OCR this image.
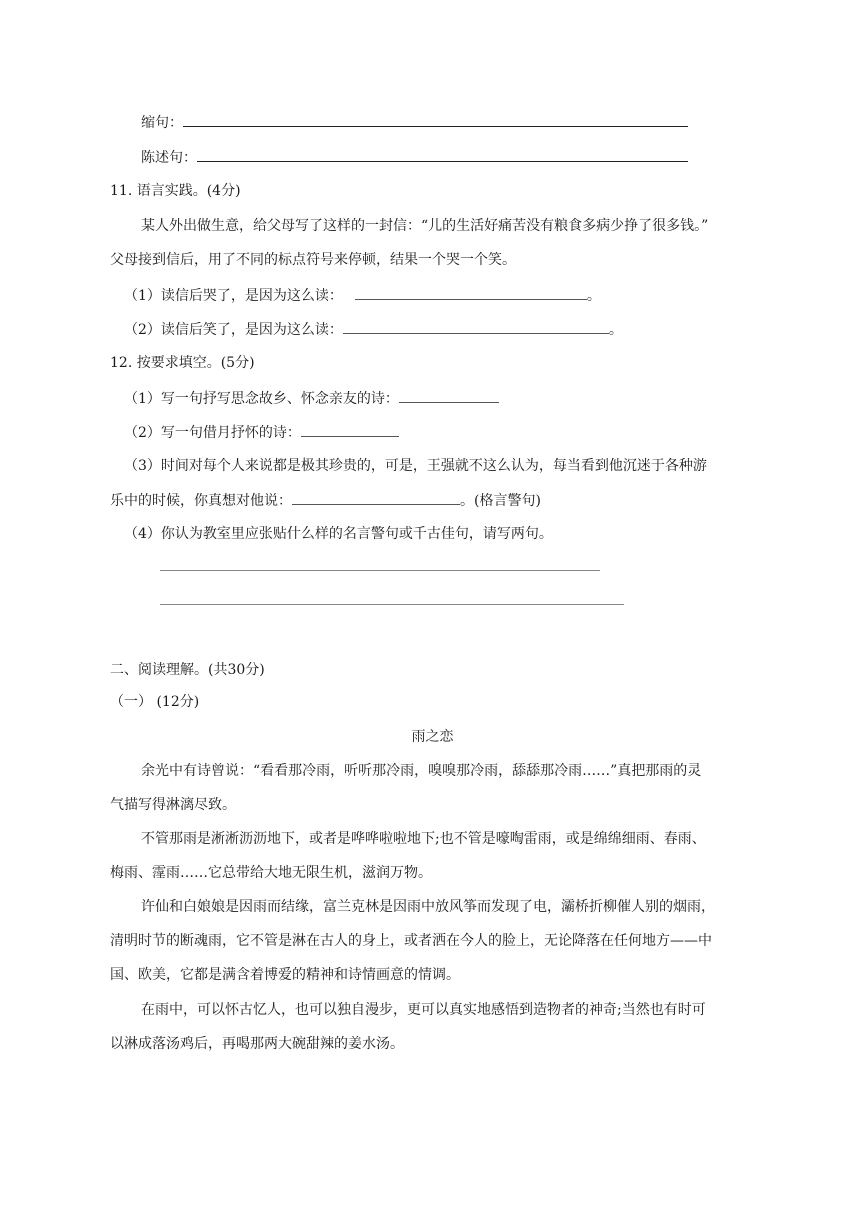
缩句：
陈述句：
11. 语言实践。(4分)
某人外出做生意，给父母写了这样的一封信：“儿的生活好痛苦没有粮食多病少挣了很多钱。”
父母接到信后，用了不同的标点符号来停顿，结果一个哭一个笑。
（1）读信后哭了，是因为这么读：	。
（2）读信后笑了，是因为这么读：	。
12. 按要求填空。(5分)
（1）写一句抒写思念故乡、怀念亲友的诗：
（2）写一句借月抒怀的诗：
（3）时间对每个人来说都是极其珍贵的，可是，王强就不这么认为，每当看到他沉迷于各种游
乐中的时候，你真想对他说：	。(格言警句)
（4）你认为教室里应张贴什么样的名言警句或千古佳句，请写两句。
二、阅读理解。(共30分)
（一） (12分)
雨之恋
余光中有诗曾说：“看看那冷雨，听听那冷雨，嗅嗅那冷雨，舔舔那冷雨……”真把那雨的灵
气描写得淋漓尽致。
不管那雨是淅淅沥沥地下，或者是哗哗啦啦地下;也不管是嚎啕雷雨，或是绵绵细雨、春雨、
梅雨、霪雨……它总带给大地无限生机，滋润万物。
许仙和白娘娘是因雨而结缘，富兰克林是因雨中放风筝而发现了电，灞桥折柳催人别的烟雨，
清明时节的断魂雨，它不管是淋在古人的身上，或者洒在今人的脸上，无论降落在任何地方——中
国、欧美，它都是满含着博爱的精神和诗情画意的情调。
在雨中，可以怀古忆人，也可以独自漫步，更可以真实地感悟到造物者的神奇;当然也有时可
以淋成落汤鸡后，再喝那两大碗甜辣的姜水汤。
